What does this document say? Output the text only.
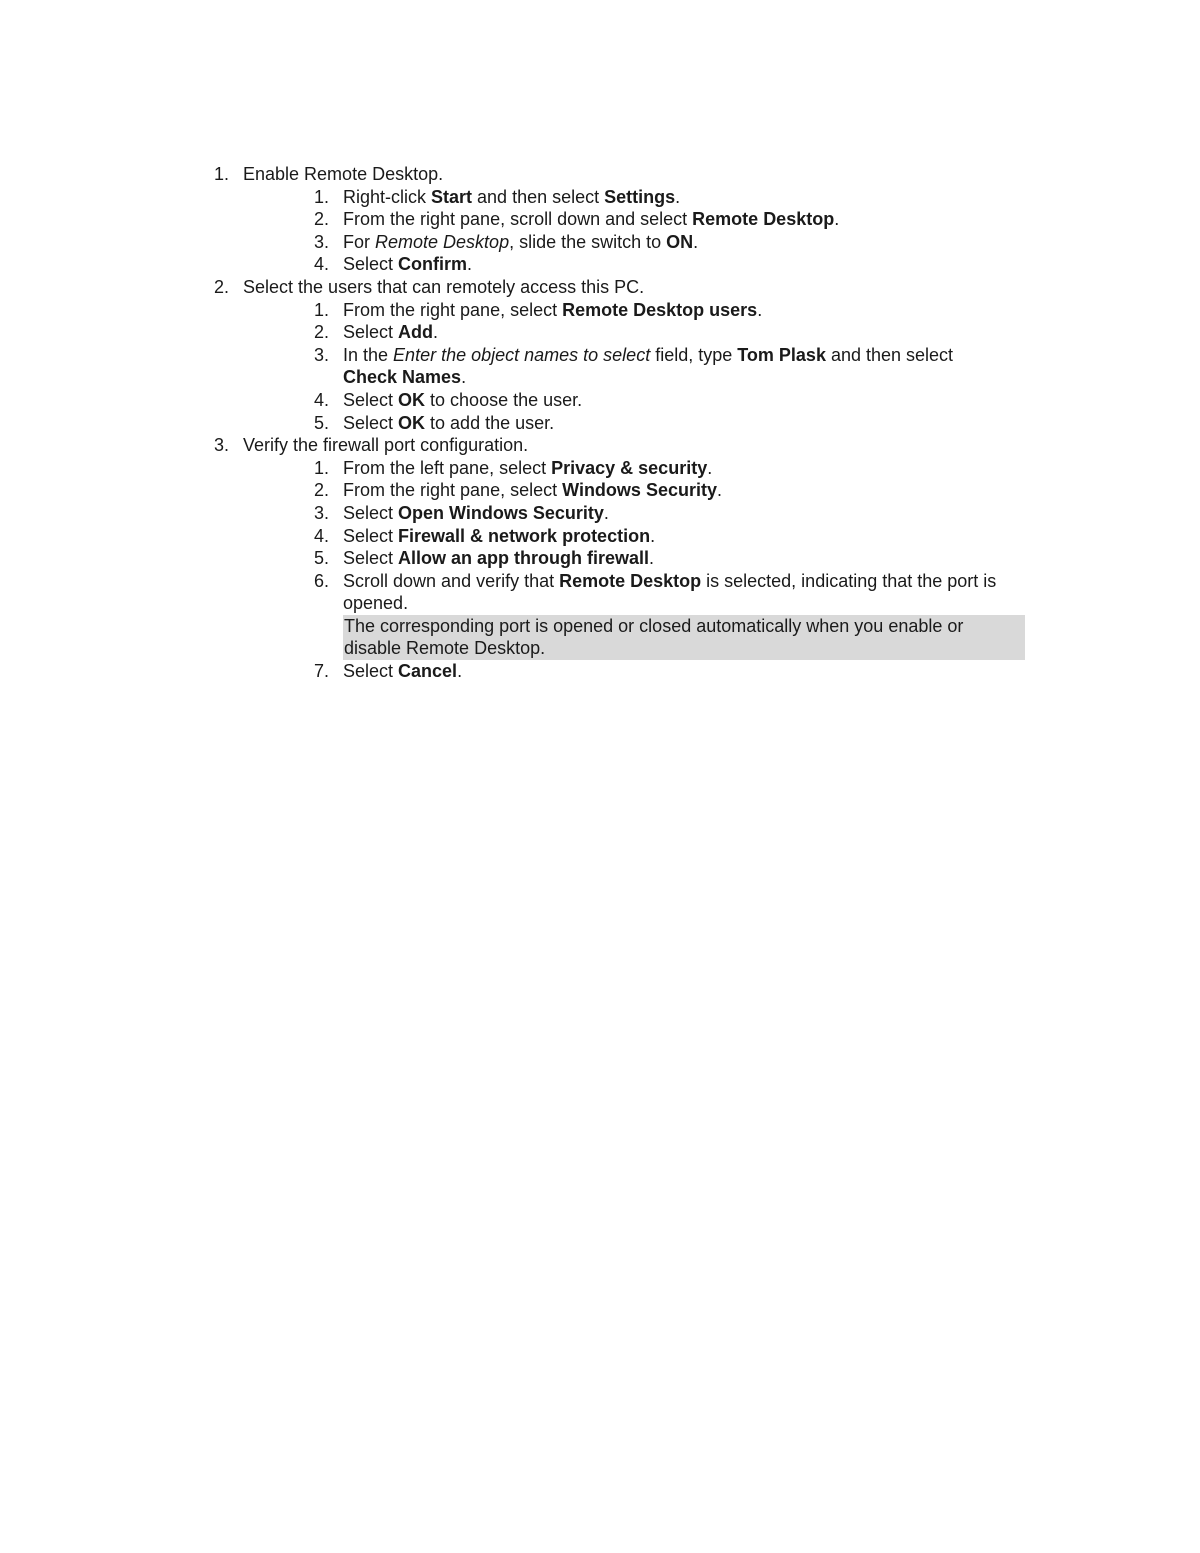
1. Enable Remote Desktop.
1. Right-click Start and then select Settings.
2. From the right pane, scroll down and select Remote Desktop.
3. For Remote Desktop, slide the switch to ON.
4. Select Confirm.
2. Select the users that can remotely access this PC.
1. From the right pane, select Remote Desktop users.
2. Select Add.
3. In the Enter the object names to select field, type Tom Plask and then select
Check Names.
4. Select OK to choose the user.
5. Select OK to add the user.
3. Verify the firewall port configuration.
1. From the left pane, select Privacy & security.
2. From the right pane, select Windows Security.
3. Select Open Windows Security.
4. Select Firewall & network protection.
5. Select Allow an app through firewall.
6. Scroll down and verify that Remote Desktop is selected, indicating that the port is
opened.
The corresponding port is opened or closed automatically when you enable or
disable Remote Desktop.
7. Select Cancel.
